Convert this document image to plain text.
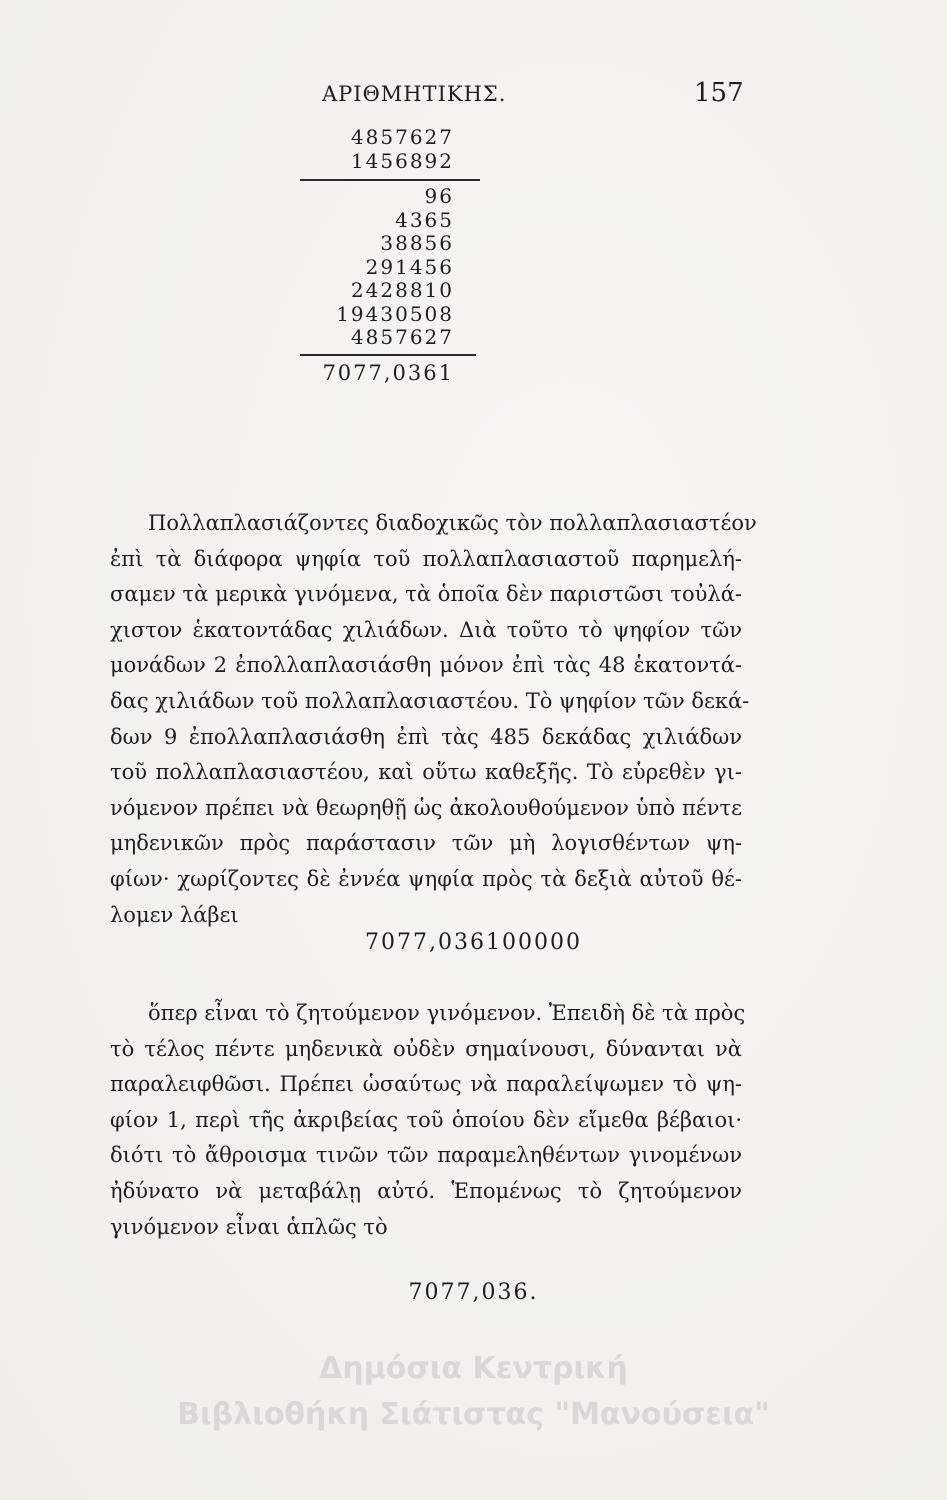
ΑΡΙΘΜΗΤΙΚΗΣ.	157
4857627
1456892
96
4365
38856
291456
2428810
19430508
4857627
7077,0361
Πολλαπλασιάζοντες διαδοχικῶς τὸν πολλαπλασιαστέον
ἐπὶ τὰ διάφορα ψηφία τοῦ πολλαπλασιαστοῦ παρημελή-
σαμεν τὰ μερικὰ γινόμενα, τὰ ὁποῖα δὲν παριστῶσι τοὐλά-
χιστον ἑκατοντάδας χιλιάδων. Διὰ τοῦτο τὸ ψηφίον τῶν
μονάδων 2 ἐπολλαπλασιάσθη μόνον ἐπὶ τὰς 48 ἑκατοντά-
δας χιλιάδων τοῦ πολλαπλασιαστέου. Τὸ ψηφίον τῶν δεκά-
δων 9 ἐπολλαπλασιάσθη ἐπὶ τὰς 485 δεκάδας χιλιάδων
τοῦ πολλαπλασιαστέου, καὶ οὕτω καθεξῆς. Τὸ εὑρεθὲν γι-
νόμενον πρέπει νὰ θεωρηθῇ ὡς ἀκολουθούμενον ὑπὸ πέντε
μηδενικῶν πρὸς παράστασιν τῶν μὴ λογισθέντων ψη-
φίων· χωρίζοντες δὲ ἐννέα ψηφία πρὸς τὰ δεξιὰ αὐτοῦ θέ-
λομεν λάβει
7077,036100000
ὅπερ εἶναι τὸ ζητούμενον γινόμενον. Ἐπειδὴ δὲ τὰ πρὸς
τὸ τέλος πέντε μηδενικὰ οὐδὲν σημαίνουσι, δύνανται νὰ
παραλειφθῶσι. Πρέπει ὡσαύτως νὰ παραλείψωμεν τὸ ψη-
φίον 1, περὶ τῆς ἀκριβείας τοῦ ὁποίου δὲν εἴμεθα βέβαιοι·
διότι τὸ ἄθροισμα τινῶν τῶν παραμεληθέντων γινομένων
ἠδύνατο νὰ μεταβάλῃ αὐτό. Ἑπομένως τὸ ζητούμενον
γινόμενον εἶναι ἁπλῶς τὸ
7077,036.
Δημόσια Κεντρική
Βιβλιοθήκη Σιάτιστας "Μανούσεια"
